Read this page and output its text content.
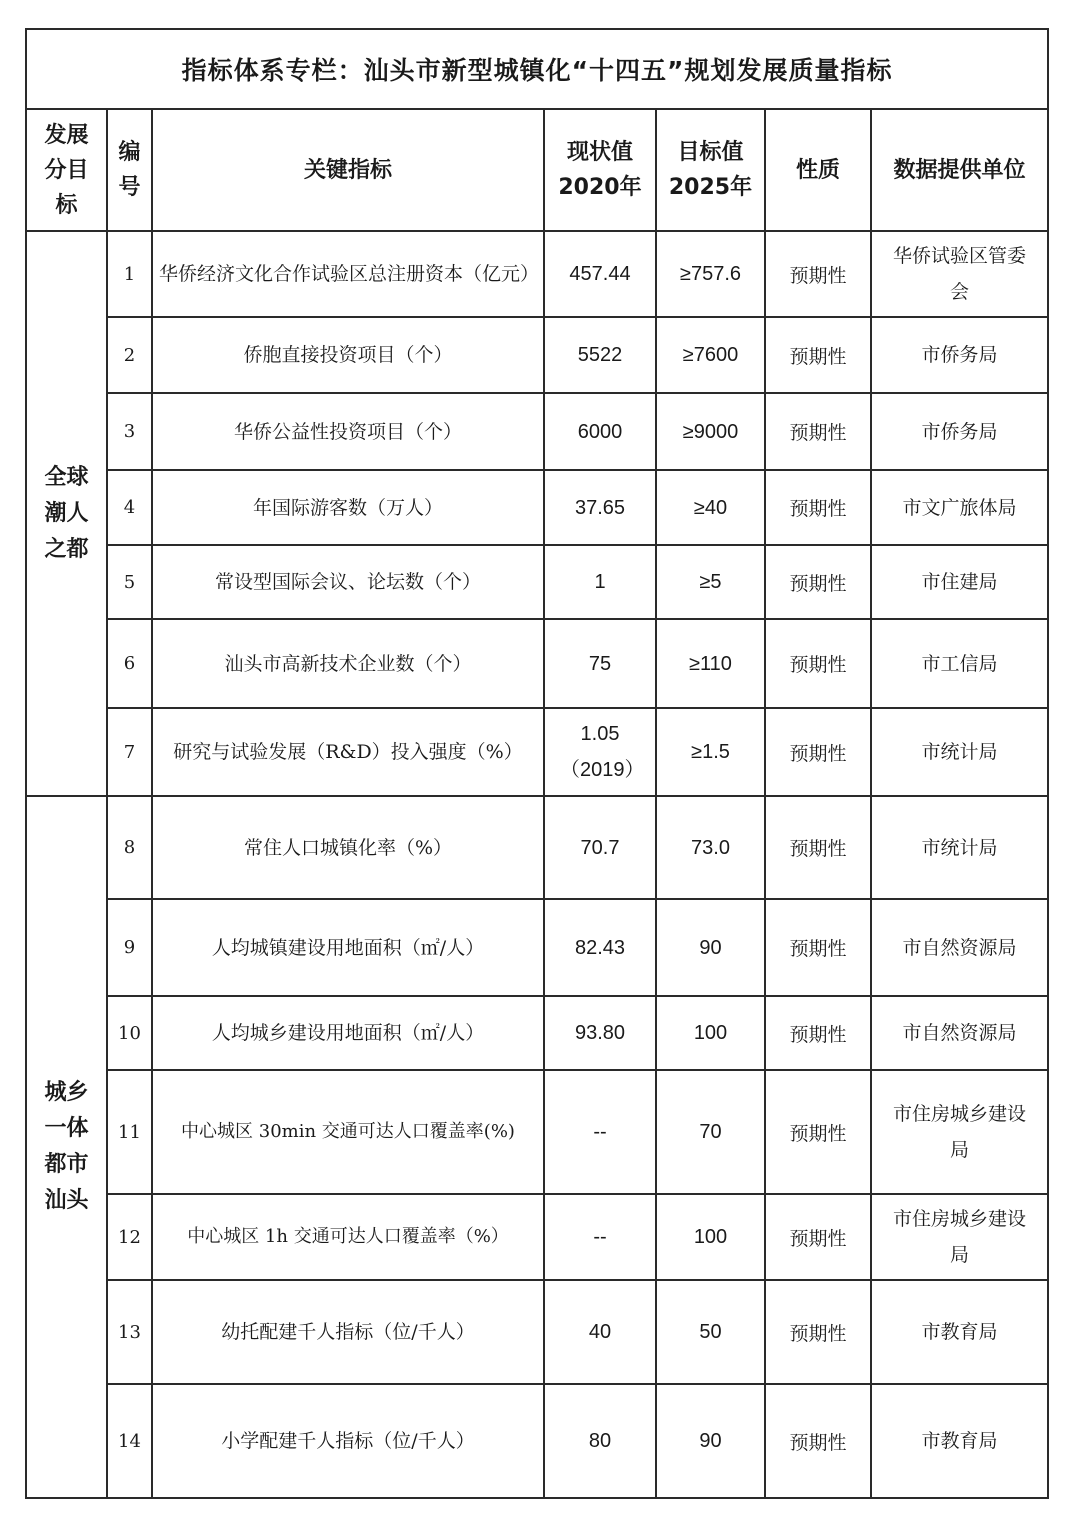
指标体系专栏：汕头市新型城镇化“十四五”规划发展质量指标						

发展分目标	编号	关键指标	现状值 2020年	目标值 2025年	性质	数据提供单位

全球潮人之都	1	华侨经济文化合作试验区总注册资本（亿元）	457.44	≥757.6	预期性	华侨试验区管委会

	2	侨胞直接投资项目（个）	5522	≥7600	预期性	市侨务局
	3	华侨公益性投资项目（个）	6000	≥9000	预期性	市侨务局
	4	年国际游客数（万人）	37.65	≥40	预期性	市文广旅体局
	5	常设型国际会议、论坛数（个）	1	≥5	预期性	市住建局
	6	汕头市高新技术企业数（个）	75	≥110	预期性	市工信局
	7	研究与试验发展（R&D）投入强度（%）	1.05（2019）	≥1.5	预期性	市统计局

城乡一体都市汕头	8	常住人口城镇化率（%）	70.7	73.0	预期性	市统计局
	9	人均城镇建设用地面积（㎡/人）	82.43	90	预期性	市自然资源局
	10	人均城乡建设用地面积（㎡/人）	93.80	100	预期性	市自然资源局
	11	中心城区 30min 交通可达人口覆盖率(%)	--	70	预期性	市住房城乡建设局

	12	中心城区 1h 交通可达人口覆盖率（%）	--	100	预期性	市住房城乡建设局

	13	幼托配建千人指标（位/千人）	40	50	预期性	市教育局
	14	小学配建千人指标（位/千人）	80	90	预期性	市教育局
